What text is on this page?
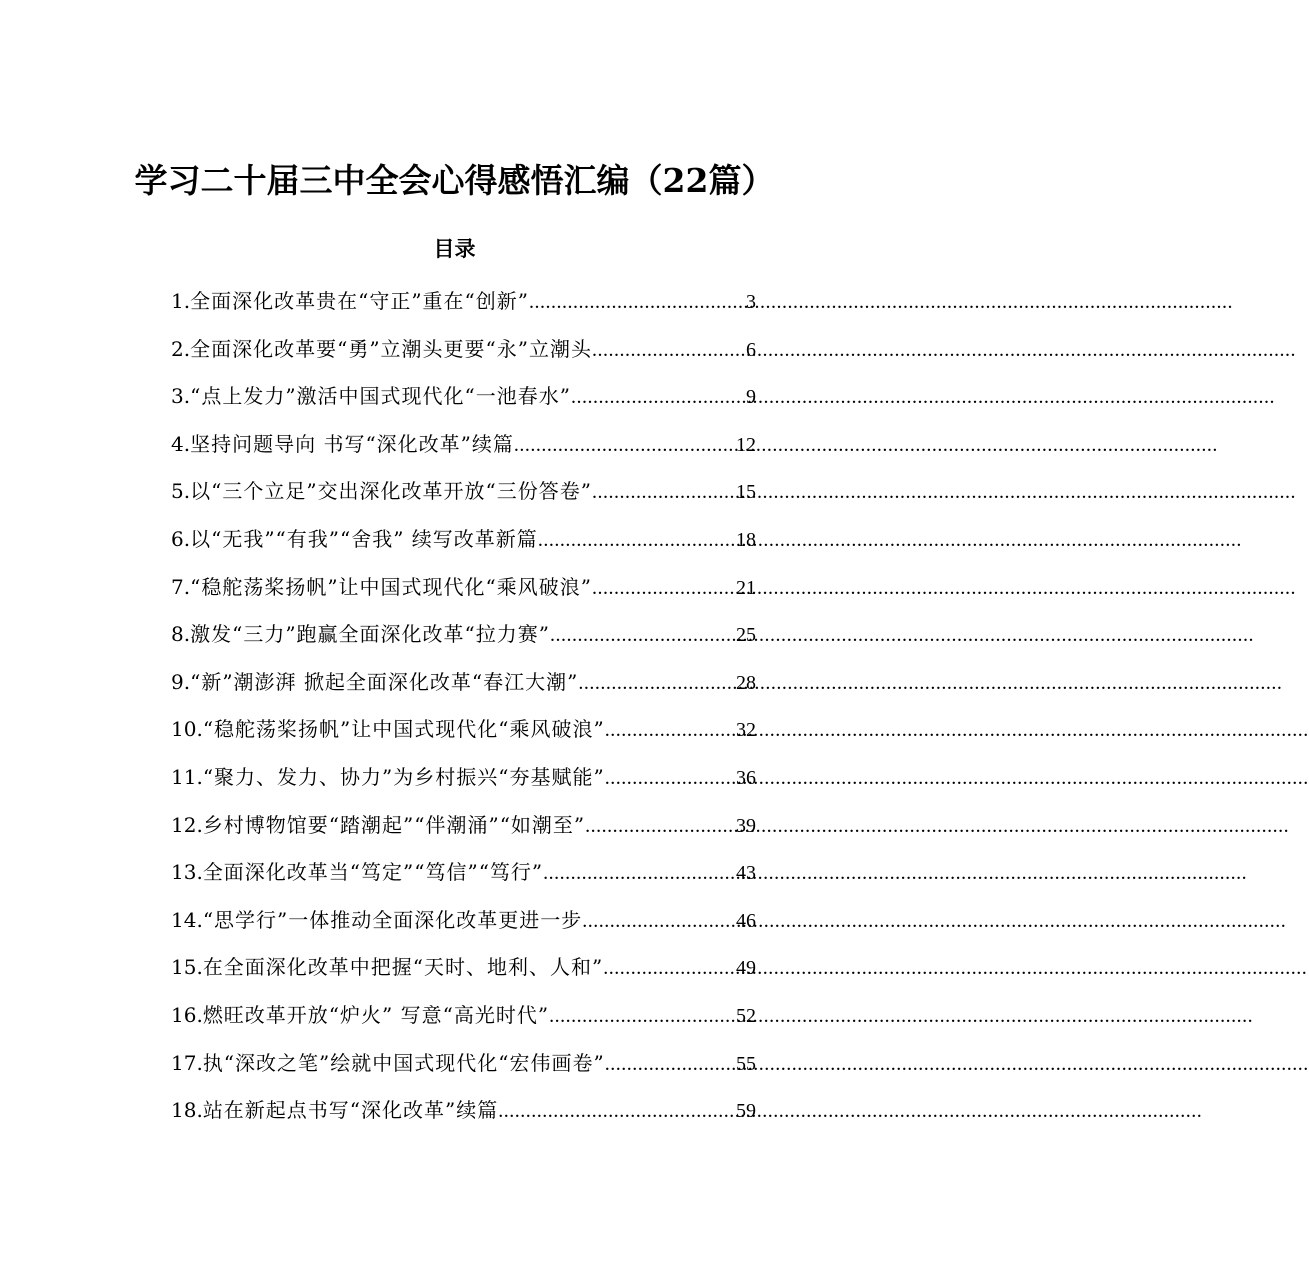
学习二十届三中全会心得感悟汇编（22篇）
目录
1. 全面深化改革贵在“守正”重在“创新” .....	3
2. 全面深化改革要“勇”立潮头更要“永”立潮头 .....	6
3. “点上发力”激活中国式现代化“一池春水” .....	9
4. 坚持问题导向 书写“深化改革”续篇 .....	12
5. 以“三个立足”交出深化改革开放“三份答卷” .....	15
6. 以“无我”“有我”“舍我” 续写改革新篇 .....	18
7. “稳舵荡桨扬帆”让中国式现代化“乘风破浪” .....	21
8. 激发“三力”跑赢全面深化改革“拉力赛” .....	25
9. “新”潮澎湃 掀起全面深化改革“春江大潮” .....	28
10. “稳舵荡桨扬帆”让中国式现代化“乘风破浪” .....	32
11. “聚力、发力、协力”为乡村振兴“夯基赋能” .....	36
12. 乡村博物馆要“踏潮起”“伴潮涌”“如潮至” .....	39
13. 全面深化改革当“笃定”“笃信”“笃行” .....	43
14. “思学行”一体推动全面深化改革更进一步 .....	46
15. 在全面深化改革中把握“天时、地利、人和” .....	49
16. 燃旺改革开放“炉火” 写意“高光时代” .....	52
17. 执“深改之笔”绘就中国式现代化“宏伟画卷” .....	55
18. 站在新起点书写“深化改革”续篇 .....	59
